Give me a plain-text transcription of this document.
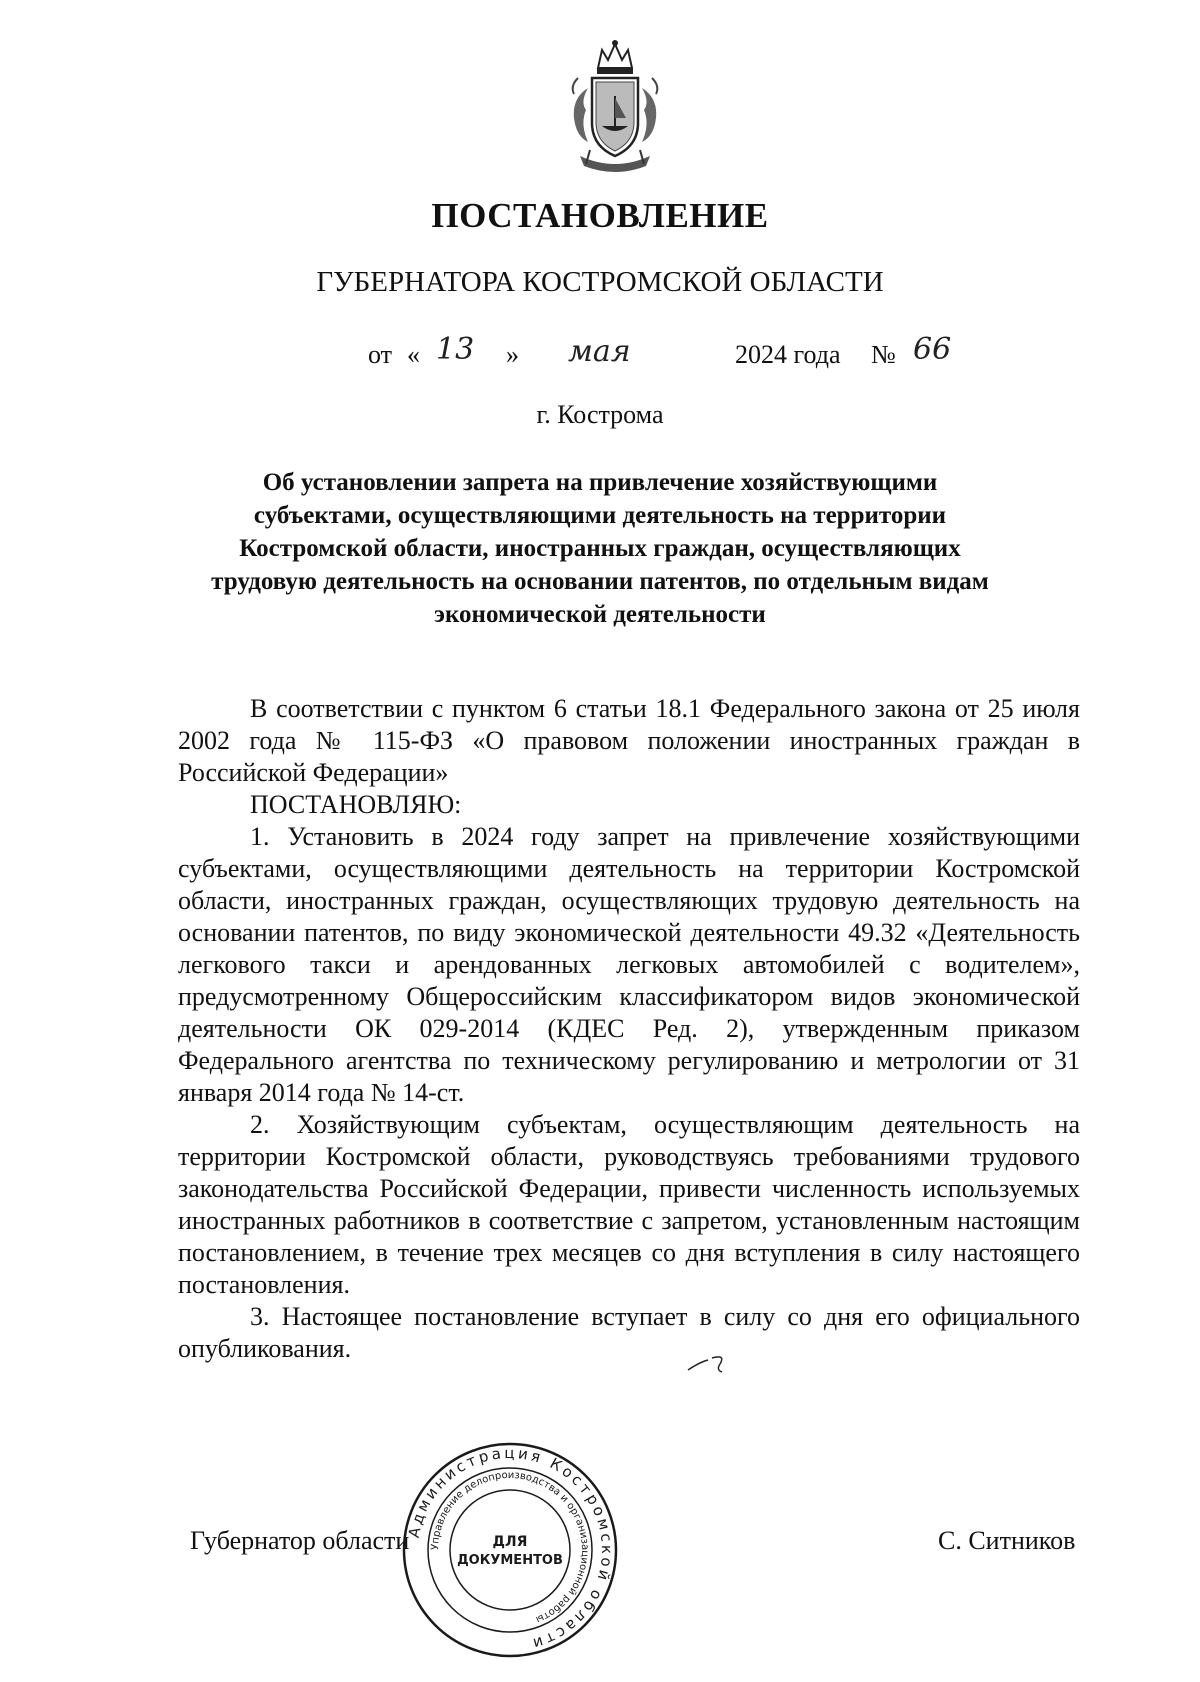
ПОСТАНОВЛЕНИЕ
ГУБЕРНАТОРА КОСТРОМСКОЙ ОБЛАСТИ
от « 13 » мая	2024 года № 66
г. Кострома
Об установлении запрета на привлечение хозяйствующими субъектами, осуществляющими деятельность на территории Костромской области, иностранных граждан, осуществляющих трудовую деятельность на основании патентов, по отдельным видам экономической деятельности

В соответствии с пунктом 6 статьи 18.1 Федерального закона от 25 июля 2002 года № 115-ФЗ «О правовом положении иностранных граждан в Российской Федерации»

ПОСТАНОВЛЯЮ:

1. Установить в 2024 году запрет на привлечение хозяйствующими субъектами, осуществляющими деятельность на территории Костромской области, иностранных граждан, осуществляющих трудовую деятельность на основании патентов, по виду экономической деятельности 49.32 «Деятельность легкового такси и арендованных легковых автомобилей с водителем», предусмотренному Общероссийским классификатором видов экономической деятельности ОК 029-2014 (КДЕС Ред. 2), утвержденным приказом Федерального агентства по техническому регулированию и метрологии от 31 января 2014 года № 14-ст.

2. Хозяйствующим субъектам, осуществляющим деятельность на территории Костромской области, руководствуясь требованиями трудового законодательства Российской Федерации, привести численность используемых иностранных работников в соответствие с запретом, установленным настоящим постановлением, в течение трех месяцев со дня вступления в силу настоящего постановления.

3. Настоящее постановление вступает в силу со дня его официального опубликования.

Губернатор области	С. Ситников
Администрация Костромской области
Управление делопроизводства и организационной работы
ДЛЯ
ДОКУМЕНТОВ
